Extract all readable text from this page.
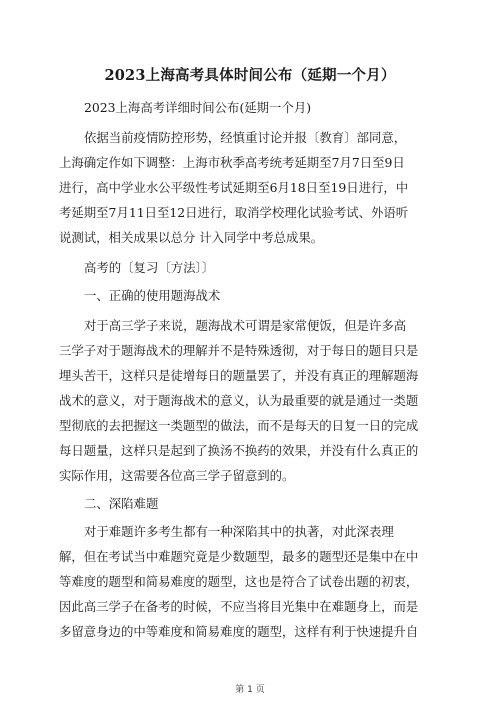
2023上海高考具体时间公布（延期一个月）
2023上海高考详细时间公布(延期一个月)
依据当前疫情防控形势，经慎重讨论并报〔教育〕部同意，
上海确定作如下调整：上海市秋季高考统考延期至7月7日至9日
进行，高中学业水公平级性考试延期至6月18日至19日进行，中
考延期至7月11日至12日进行，取消学校理化试验考试、外语听
说测试，相关成果以总分 计入同学中考总成果。
高考的〔复习〔方法〕〕
一、正确的使用题海战术
对于高三学子来说，题海战术可谓是家常便饭，但是许多高
三学子对于题海战术的理解并不是特殊透彻，对于每日的题目只是
埋头苦干，这样只是徒增每日的题量罢了，并没有真正的理解题海
战术的意义，对于题海战术的意义，认为最重要的就是通过一类题
型彻底的去把握这一类题型的做法，而不是每天的日复一日的完成
每日题量，这样只是起到了换汤不换药的效果，并没有什么真正的
实际作用，这需要各位高三学子留意到的。
二、深陷难题
对于难题许多考生都有一种深陷其中的执著，对此深表理
解，但在考试当中难题究竟是少数题型，最多的题型还是集中在中
等难度的题型和简易难度的题型，这也是符合了试卷出题的初衷，
因此高三学子在备考的时候，不应当将目光集中在难题身上，而是
多留意身边的中等难度和简易难度的题型，这样有利于快速提升自
第 1 页
